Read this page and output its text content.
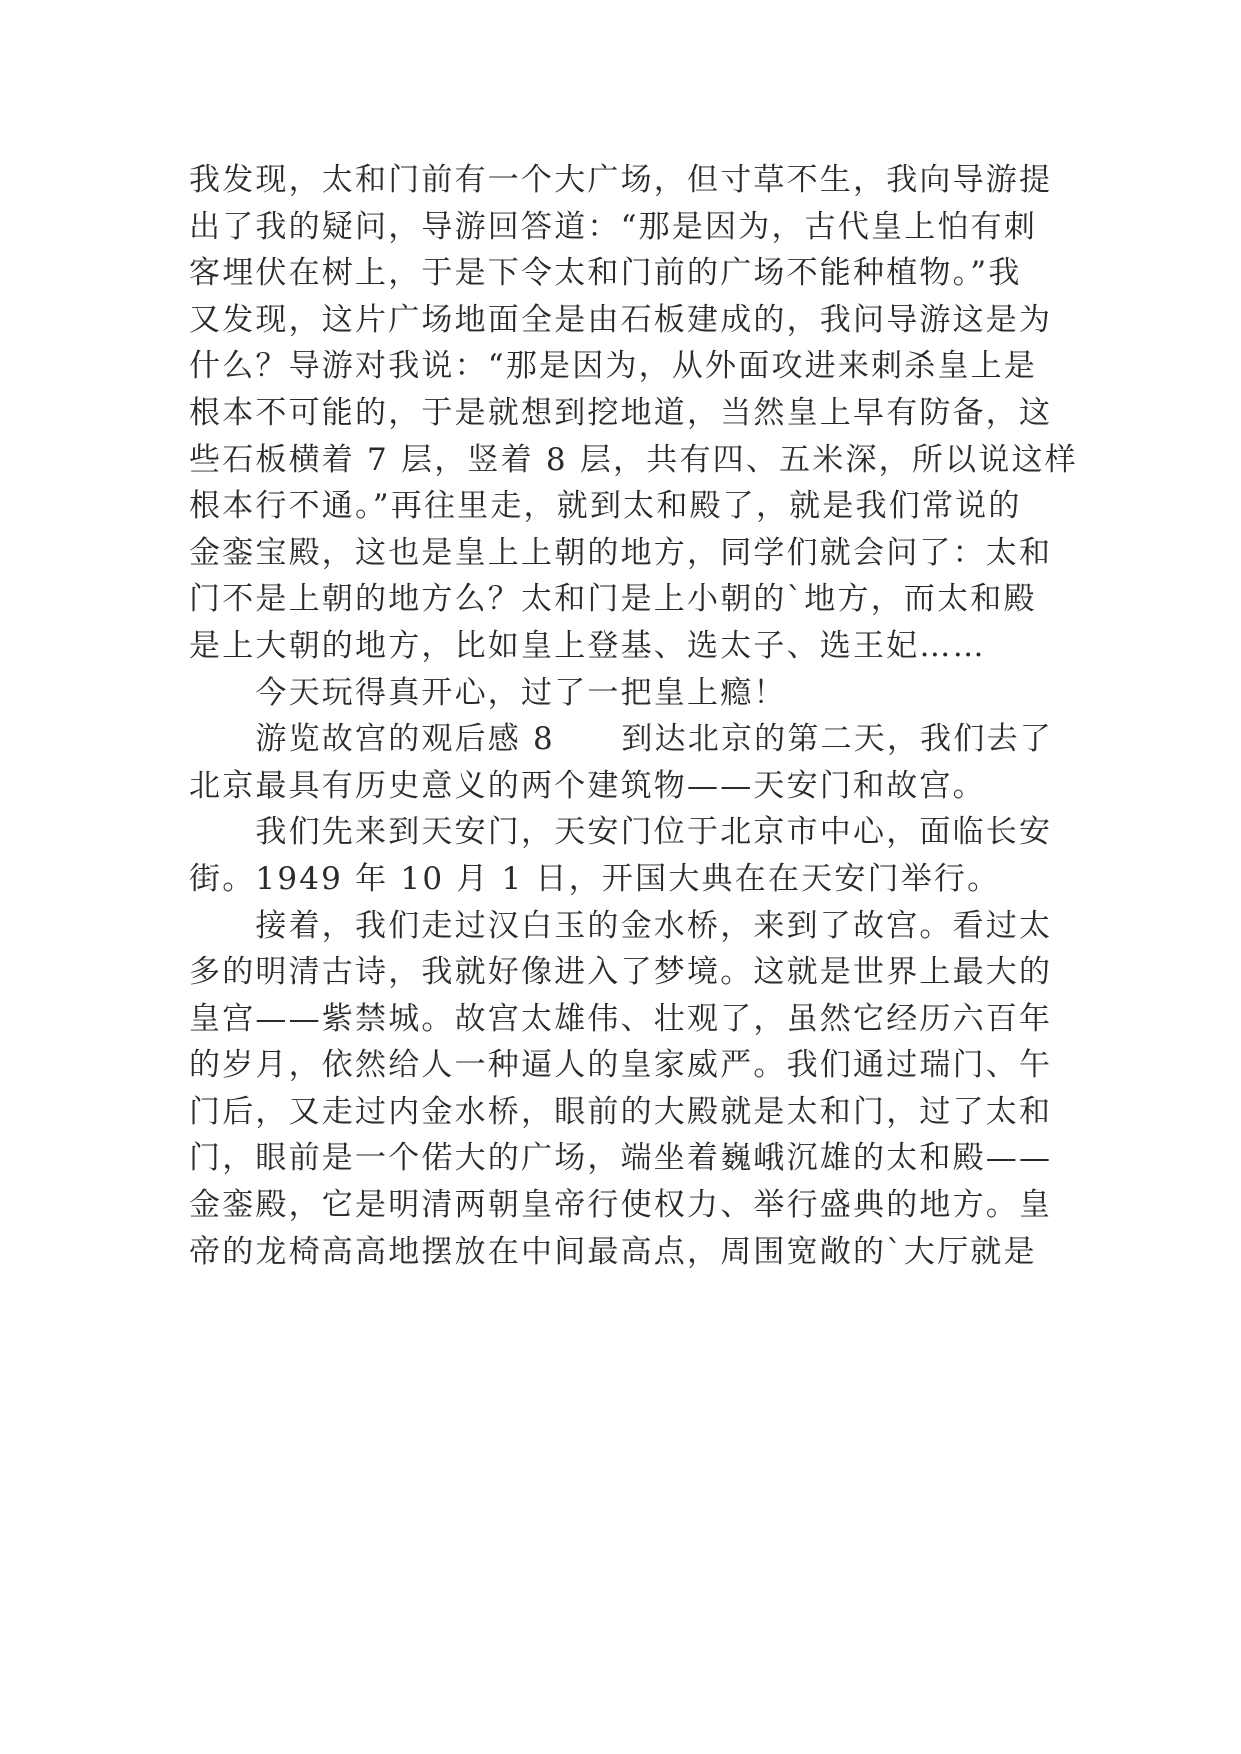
我发现，太和门前有一个大广场，但寸草不生，我向导游提
出了我的疑问，导游回答道：“那是因为，古代皇上怕有刺
客埋伏在树上，于是下令太和门前的广场不能种植物。”我
又发现，这片广场地面全是由石板建成的，我问导游这是为
什么？导游对我说：“那是因为，从外面攻进来刺杀皇上是
根本不可能的，于是就想到挖地道，当然皇上早有防备，这
些石板横着 7 层，竖着 8 层，共有四、五米深，所以说这样
根本行不通。”再往里走，就到太和殿了，就是我们常说的
金銮宝殿，这也是皇上上朝的地方，同学们就会问了：太和
门不是上朝的地方么？太和门是上小朝的`地方，而太和殿
是上大朝的地方，比如皇上登基、选太子、选王妃……
　　今天玩得真开心，过了一把皇上瘾！
　　游览故宫的观后感 8　　到达北京的第二天，我们去了
北京最具有历史意义的两个建筑物——天安门和故宫。
　　我们先来到天安门，天安门位于北京市中心，面临长安
街。1949 年 10 月 1 日，开国大典在在天安门举行。
　　接着，我们走过汉白玉的金水桥，来到了故宫。看过太
多的明清古诗，我就好像进入了梦境。这就是世界上最大的
皇宫——紫禁城。故宫太雄伟、壮观了，虽然它经历六百年
的岁月，依然给人一种逼人的皇家威严。我们通过瑞门、午
门后，又走过内金水桥，眼前的大殿就是太和门，过了太和
门，眼前是一个偌大的广场，端坐着巍峨沉雄的太和殿——
金銮殿，它是明清两朝皇帝行使权力、举行盛典的地方。皇
帝的龙椅高高地摆放在中间最高点，周围宽敞的`大厅就是
